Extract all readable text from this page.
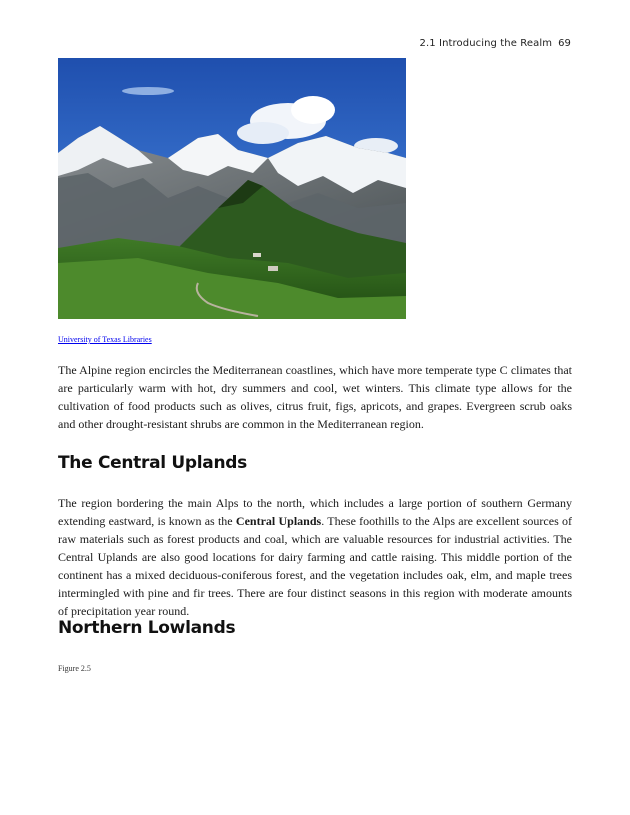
2.1 Introducing the Realm 69
University of Texas Libraries

The Alpine region encircles the Mediterranean coastlines, which have more temperate type C climates that are particularly warm with hot, dry summers and cool, wet winters. This climate type allows for the cultivation of food products such as olives, citrus fruit, figs, apricots, and grapes. Evergreen scrub oaks and other drought-resistant shrubs are common in the Mediterranean region.

The Central Uplands

The region bordering the main Alps to the north, which includes a large portion of southern Germany extending eastward, is known as the Central Uplands. These foothills to the Alps are excellent sources of raw materials such as forest products and coal, which are valuable resources for industrial activities. The Central Uplands are also good locations for dairy farming and cattle raising. This middle portion of the continent has a mixed deciduous-coniferous forest, and the vegetation includes oak, elm, and maple trees intermingled with pine and fir trees. There are four distinct seasons in this region with moderate amounts of precipitation year round.

Northern Lowlands
Figure 2.5
